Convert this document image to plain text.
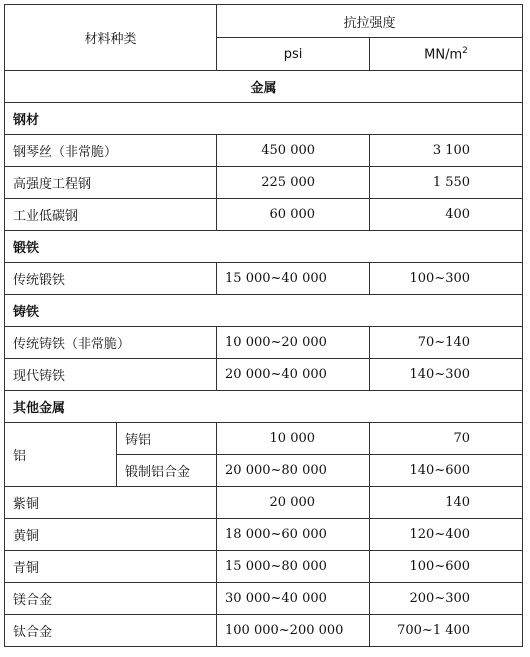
材料种类		抗拉强度	
		psi	$MN/m^2$
金属			
钢材			
钢琴丝（非常脆）		450 000	3 100
高强度工程钢		225 000	1 550
工业低碳钢		60 000	400
锻铁			
传统锻铁		15 000~40 000	100~300
铸铁			
传统铸铁（非常脆）		10 000~20 000	70~140
现代铸铁		20 000~40 000	140~300
其他金属			
铝	铸铝	10 000	70
	锻制铝合金	20 000~80 000	140~600
紫铜		20 000	140
黄铜		18 000~60 000	120~400
青铜		15 000~80 000	100~600
镁合金		30 000~40 000	200~300
钛合金		100 000~200 000	700~1 400
